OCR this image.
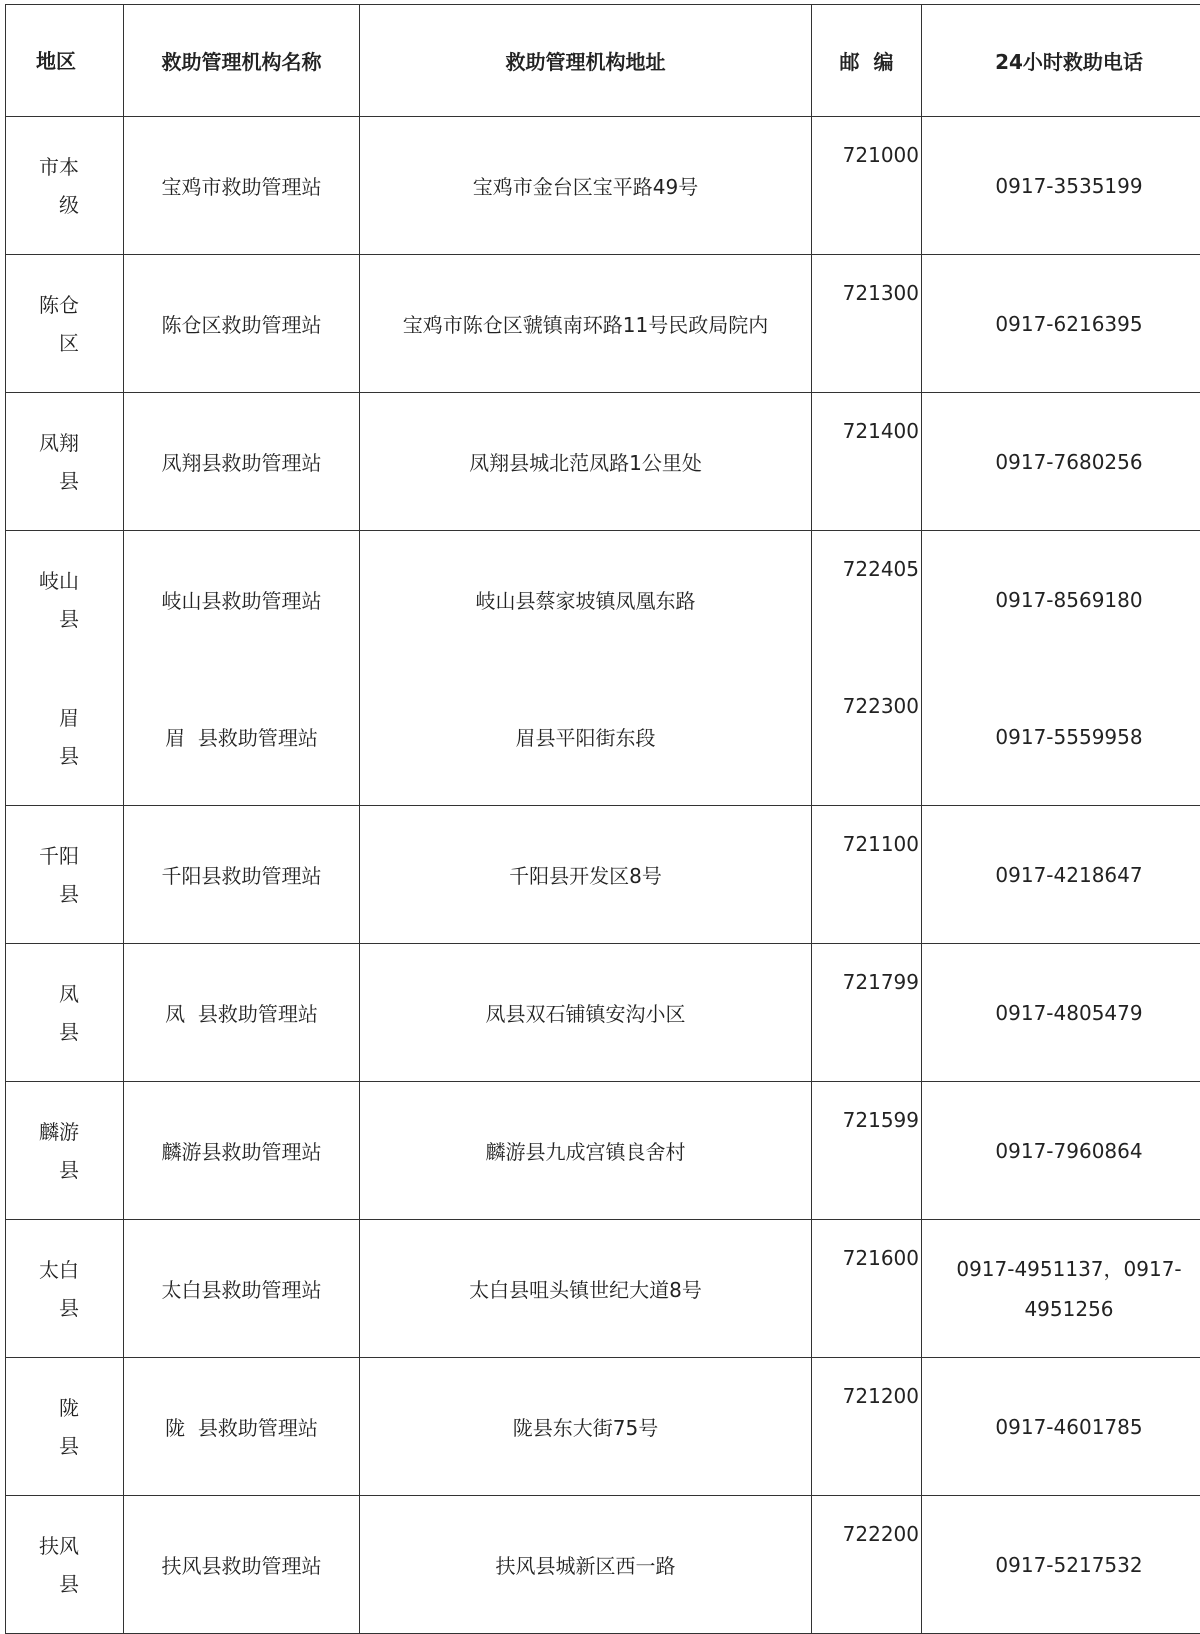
地区	救助管理机构名称	救助管理机构地址	邮  编	24小时救助电话

市本级	宝鸡市救助管理站	宝鸡市金台区宝平路49号	721000	0917-3535199

陈仓区	陈仓区救助管理站	宝鸡市陈仓区虢镇南环路11号民政局院内	721300	0917-6216395

凤翔县	凤翔县救助管理站	凤翔县城北范凤路1公里处	721400	0917-7680256

岐山县	岐山县救助管理站	岐山县蔡家坡镇凤凰东路	722405	0917-8569180

眉 县	眉  县救助管理站	眉县平阳街东段	722300	0917-5559958

千阳县	千阳县救助管理站	千阳县开发区8号	721100	0917-4218647

凤 县	凤  县救助管理站	凤县双石铺镇安沟小区	721799	0917-4805479

麟游县	麟游县救助管理站	麟游县九成宫镇良舍村	721599	0917-7960864

太白县	太白县救助管理站	太白县咀头镇世纪大道8号	721600	0917-4951137，0917-4951256

陇 县	陇  县救助管理站	陇县东大街75号	721200	0917-4601785

扶风县	扶风县救助管理站	扶风县城新区西一路	722200	0917-5217532
